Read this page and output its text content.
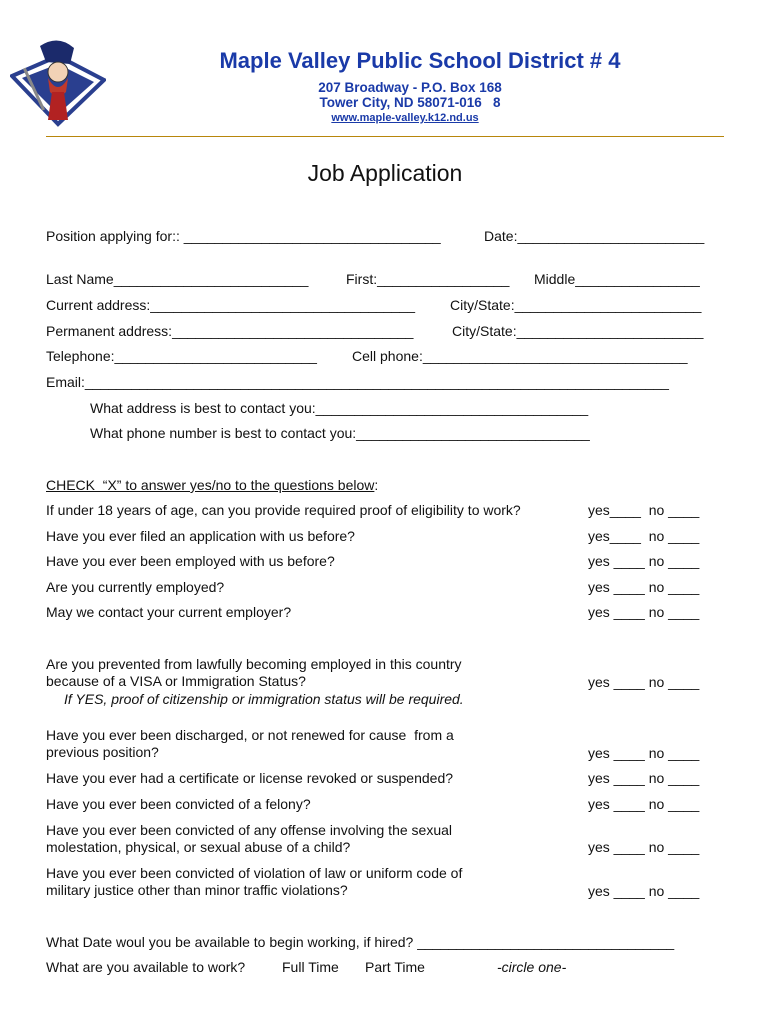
Maple Valley Public School District # 4
207 Broadway - P.O. Box 168
Tower City, ND 58071-016   8
www.maple-valley.k12.nd.us
Job Application
Position applying for:: _________________________________	Date:________________________
Last Name_________________________	First:_________________ Middle________________
Current address:__________________________________	City/State:________________________
Permanent address:_______________________________	City/State:________________________
Telephone:__________________________	Cell phone:__________________________________
Email:___________________________________________________________________________
What address is best to contact you:___________________________________
What phone number is best to contact you:______________________________
CHECK  “X” to answer yes/no to the questions below:
If under 18 years of age, can you provide required proof of eligibility to work?	yes____  no ____
Have you ever filed an application with us before?	yes____  no ____
Have you ever been employed with us before?	yes ____ no ____
Are you currently employed?	yes ____ no ____
May we contact your current employer?	yes ____ no ____
Are you prevented from lawfully becoming employed in this country
because of a VISA or Immigration Status?
If YES, proof of citizenship or immigration status will be required.
yes ____ no ____
Have you ever been discharged, or not renewed for cause  from a
previous position?	yes ____ no ____
Have you ever had a certificate or license revoked or suspended?	yes ____ no ____
Have you ever been convicted of a felony?	yes ____ no ____
Have you ever been convicted of any offense involving the sexual
molestation, physical, or sexual abuse of a child?	yes ____ no ____
Have you ever been convicted of violation of law or uniform code of
military justice other than minor traffic violations?	yes ____ no ____
What Date woul you be available to begin working, if hired? _________________________________
What are you available to work?	Full Time Part Time	-circle one-
